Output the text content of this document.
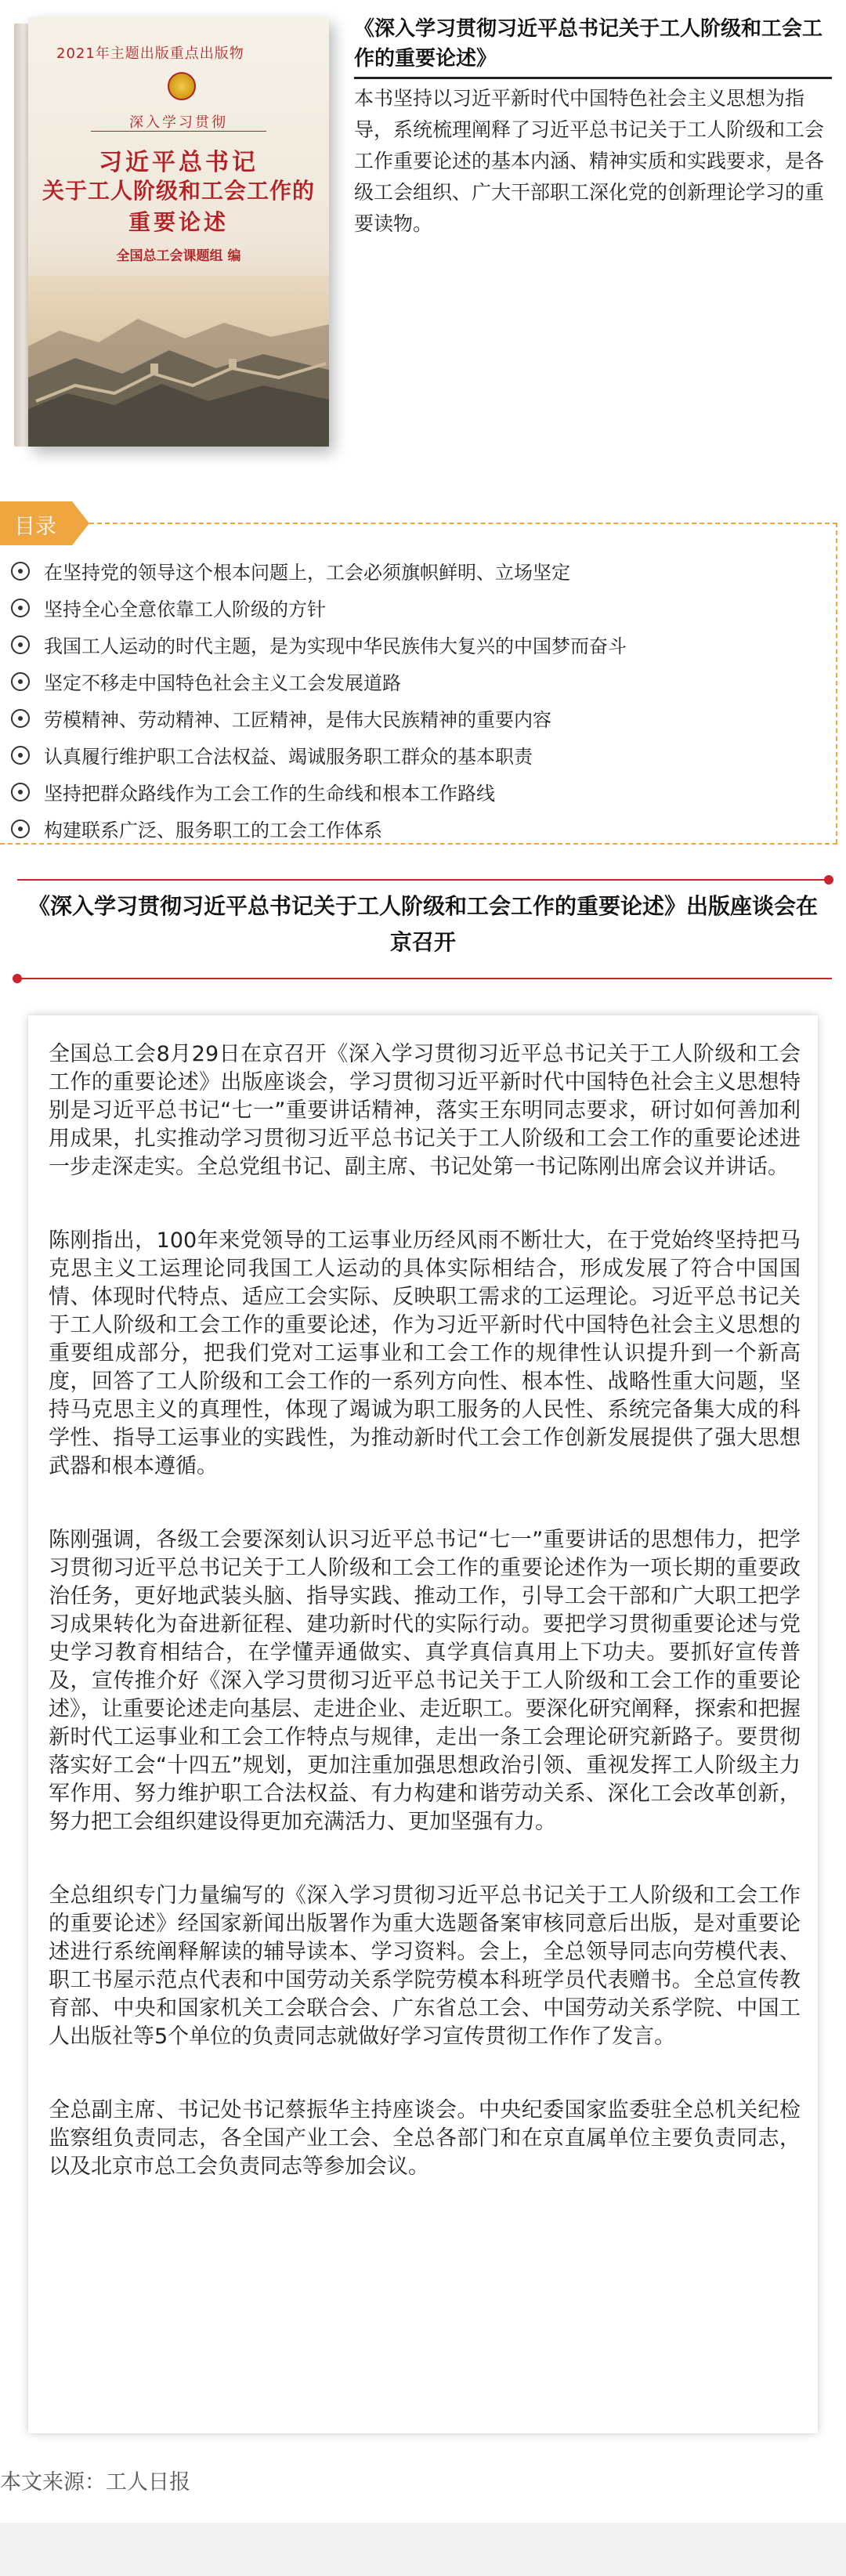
2021年主题出版重点出版物
深入学习贯彻
习近平总书记
关于工人阶级和工会工作的
重要论述
全国总工会课题组 编
《深入学习贯彻习近平总书记关于工人阶级和工会工作的重要论述》

本书坚持以习近平新时代中国特色社会主义思想为指导，系统梳理阐释了习近平总书记关于工人阶级和工会工作重要论述的基本内涵、精神实质和实践要求，是各级工会组织、广大干部职工深化党的创新理论学习的重要读物。

目录
在坚持党的领导这个根本问题上，工会必须旗帜鲜明、立场坚定
坚持全心全意依靠工人阶级的方针
我国工人运动的时代主题，是为实现中华民族伟大复兴的中国梦而奋斗
坚定不移走中国特色社会主义工会发展道路
劳模精神、劳动精神、工匠精神，是伟大民族精神的重要内容
认真履行维护职工合法权益、竭诚服务职工群众的基本职责
坚持把群众路线作为工会工作的生命线和根本工作路线
构建联系广泛、服务职工的工会工作体系
《深入学习贯彻习近平总书记关于工人阶级和工会工作的重要论述》出版座谈会在京召开

全国总工会8月29日在京召开《深入学习贯彻习近平总书记关于工人阶级和工会工作的重要论述》出版座谈会，学习贯彻习近平新时代中国特色社会主义思想特别是习近平总书记“七一”重要讲话精神，落实王东明同志要求，研讨如何善加利用成果，扎实推动学习贯彻习近平总书记关于工人阶级和工会工作的重要论述进一步走深走实。全总党组书记、副主席、书记处第一书记陈刚出席会议并讲话。

陈刚指出，100年来党领导的工运事业历经风雨不断壮大，在于党始终坚持把马克思主义工运理论同我国工人运动的具体实际相结合，形成发展了符合中国国情、体现时代特点、适应工会实际、反映职工需求的工运理论。习近平总书记关于工人阶级和工会工作的重要论述，作为习近平新时代中国特色社会主义思想的重要组成部分，把我们党对工运事业和工会工作的规律性认识提升到一个新高度，回答了工人阶级和工会工作的一系列方向性、根本性、战略性重大问题，坚持马克思主义的真理性，体现了竭诚为职工服务的人民性、系统完备集大成的科学性、指导工运事业的实践性，为推动新时代工会工作创新发展提供了强大思想武器和根本遵循。

陈刚强调，各级工会要深刻认识习近平总书记“七一”重要讲话的思想伟力，把学习贯彻习近平总书记关于工人阶级和工会工作的重要论述作为一项长期的重要政治任务，更好地武装头脑、指导实践、推动工作，引导工会干部和广大职工把学习成果转化为奋进新征程、建功新时代的实际行动。要把学习贯彻重要论述与党史学习教育相结合，在学懂弄通做实、真学真信真用上下功夫。要抓好宣传普及，宣传推介好《深入学习贯彻习近平总书记关于工人阶级和工会工作的重要论述》，让重要论述走向基层、走进企业、走近职工。要深化研究阐释，探索和把握新时代工运事业和工会工作特点与规律，走出一条工会理论研究新路子。要贯彻落实好工会“十四五”规划，更加注重加强思想政治引领、重视发挥工人阶级主力军作用、努力维护职工合法权益、有力构建和谐劳动关系、深化工会改革创新，努力把工会组织建设得更加充满活力、更加坚强有力。

全总组织专门力量编写的《深入学习贯彻习近平总书记关于工人阶级和工会工作的重要论述》经国家新闻出版署作为重大选题备案审核同意后出版，是对重要论述进行系统阐释解读的辅导读本、学习资料。会上，全总领导同志向劳模代表、职工书屋示范点代表和中国劳动关系学院劳模本科班学员代表赠书。全总宣传教育部、中央和国家机关工会联合会、广东省总工会、中国劳动关系学院、中国工人出版社等5个单位的负责同志就做好学习宣传贯彻工作作了发言。

全总副主席、书记处书记蔡振华主持座谈会。中央纪委国家监委驻全总机关纪检监察组负责同志，各全国产业工会、全总各部门和在京直属单位主要负责同志，以及北京市总工会负责同志等参加会议。

本文来源：工人日报
